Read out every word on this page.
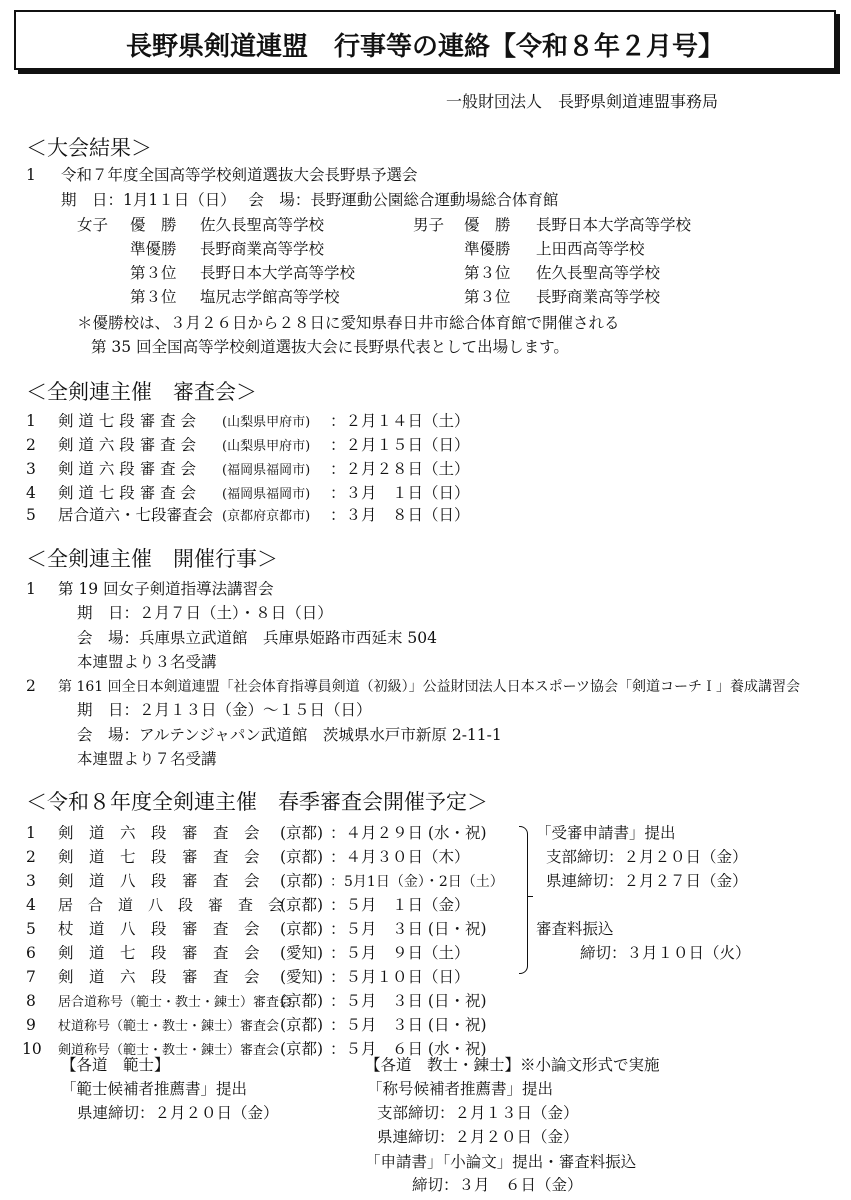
長野県剣道連盟　行事等の連絡【令和８年２月号】
一般財団法人　長野県剣道連盟事務局
＜大会結果＞
1 令和７年度全国高等学校剣道選抜大会長野県予選会
期　日：1月1１日（日）　 会　場：長野運動公園総合運動場総合体育館
女子	男子
優　勝 佐久長聖高等学校
準優勝 長野商業高等学校
第３位 長野日本大学高等学校
第３位 塩尻志学館高等学校
優　勝 長野日本大学高等学校
準優勝 上田西高等学校
第３位 佐久長聖高等学校
第３位 長野商業高等学校
＊優勝校は、３月２６日から２８日に愛知県春日井市総合体育館で開催される
第 35 回全国高等学校剣道選抜大会に長野県代表として出場します。
＜全剣連主催　審査会＞
1 剣 道 七 段 審 査 会 (山梨県甲府市) ：２月１４日（土）
2 剣 道 六 段 審 査 会 (山梨県甲府市) ：２月１５日（日）
3 剣 道 六 段 審 査 会 (福岡県福岡市) ：２月２８日（土）
4 剣 道 七 段 審 査 会 (福岡県福岡市) ：３月　１日（日）
5 居合道六・七段審査会 (京都府京都市) ：３月　８日（日）
＜全剣連主催　開催行事＞
1 第 19 回女子剣道指導法講習会
期　日：２月７日（土）・８日（日）
会　場：兵庫県立武道館　兵庫県姫路市西延末 504
本連盟より３名受講
2 第 161 回全日本剣道連盟「社会体育指導員剣道（初級）」公益財団法人日本スポーツ協会「剣道コーチＩ」養成講習会
期　日：２月１３日（金）～１５日（日）
会　場：アルテンジャパン武道館　茨城県水戸市新原 2-11-1
本連盟より７名受講
＜令和８年度全剣連主催　春季審査会開催予定＞
1 剣　道　六　段　審　査　会 (京都) ：４月２９日 (水・祝)
2 剣　道　七　段　審　査　会 (京都) ：４月３０日（木）
3 剣　道　八　段　審　査　会 (京都) ：5月1日（金）・2日（土）
4 居　合　道　八　段　審　査　会
(京都) ：５月　１日（金）
5 杖　道　八　段　審　査　会 (京都) ：５月　３日 (日・祝)
6 剣　道　七　段　審　査　会 (愛知) ：５月　９日（土）
7 剣　道　六　段　審　査　会 (愛知) ：５月１０日（日）
8 居合道称号（範士・教士・錬士）審査会
(京都) ：５月　３日 (日・祝)
9 杖道称号（範士・教士・錬士）審査会 (京都) ：５月　３日 (日・祝)
10 剣道称号（範士・教士・錬士）審査会 (京都) ：５月　６日 (水・祝)
「受審申請書」提出
支部締切：２月２０日（金）
県連締切：２月２７日（金）
審査料振込
締切：３月１０日（火）
【各道　範士】
「範士候補者推薦書」提出
県連締切：２月２０日（金）
【各道　教士・錬士】※小論文形式で実施
「称号候補者推薦書」提出
支部締切：２月１３日（金）
県連締切：２月２０日（金）
「申請書」「小論文」提出・審査料振込
締切：３月　６日（金）
